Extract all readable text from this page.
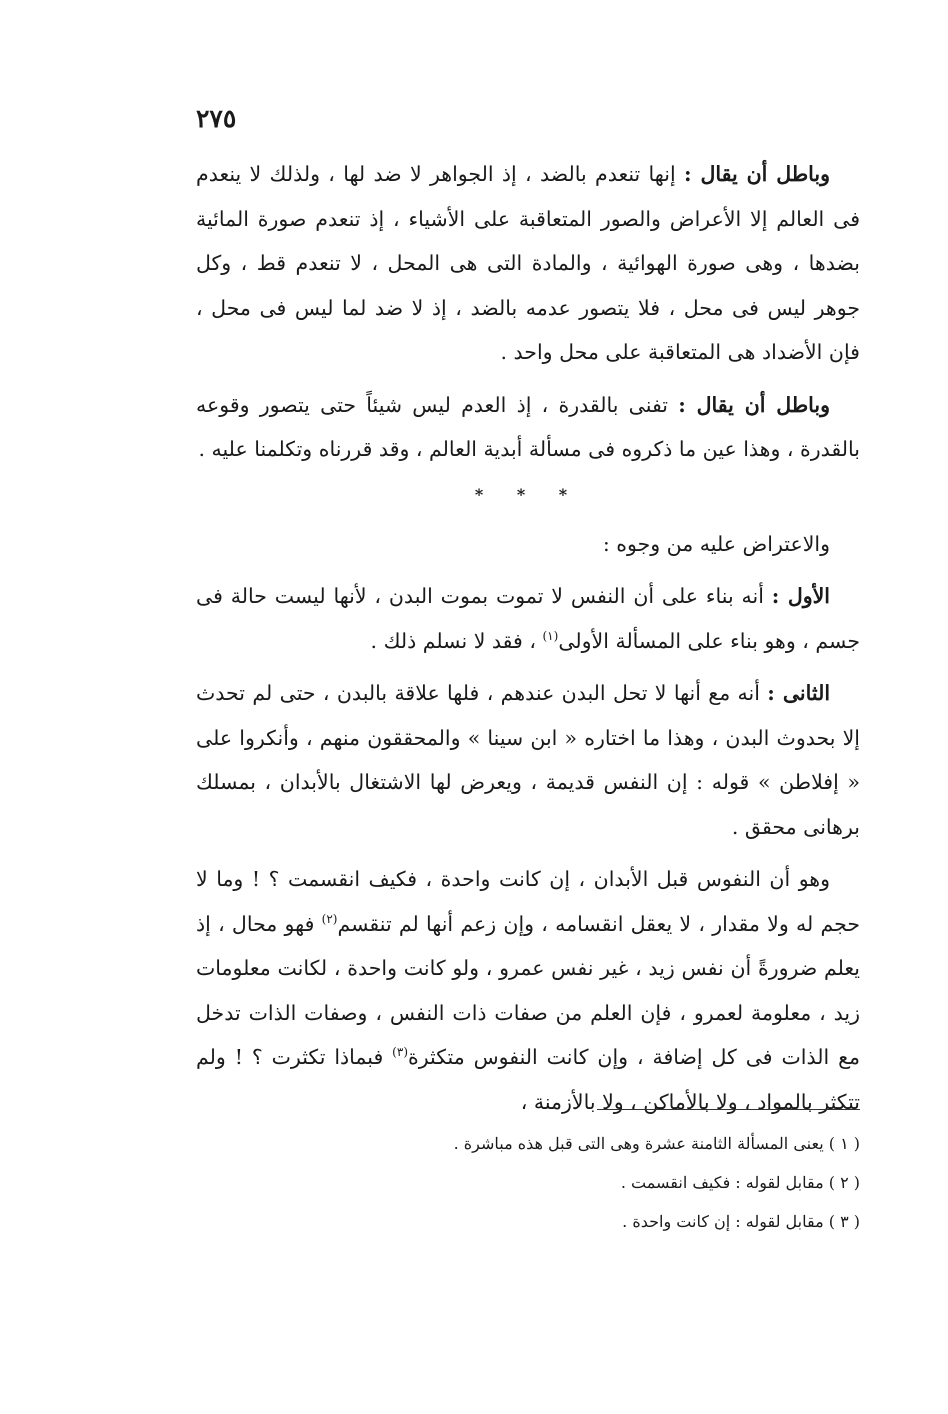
٢٧٥

وباطل أن يقال : إنها تنعدم بالضد ، إذ الجواهر لا ضد لها ، ولذلك لا ينعدم فى العالم إلا الأعراض والصور المتعاقبة على الأشياء ، إذ تنعدم صورة المائية بضدها ، وهى صورة الهوائية ، والمادة التى هى المحل ، لا تنعدم قط ، وكل جوهر ليس فى محل ، فلا يتصور عدمه بالضد ، إذ لا ضد لما ليس فى محل ، فإن الأضداد هى المتعاقبة على محل واحد .

وباطل أن يقال : تفنى بالقدرة ، إذ العدم ليس شيئاً حتى يتصور وقوعه بالقدرة ، وهذا عين ما ذكروه فى مسألة أبدية العالم ، وقد قررناه وتكلمنا عليه .

* * *

والاعتراض عليه من وجوه :

الأول : أنه بناء على أن النفس لا تموت بموت البدن ، لأنها ليست حالة فى جسم ، وهو بناء على المسألة الأولى$^{(١)}$ ، فقد لا نسلم ذلك .

الثانى : أنه مع أنها لا تحل البدن عندهم ، فلها علاقة بالبدن ، حتى لم تحدث إلا بحدوث البدن ، وهذا ما اختاره « ابن سينا » والمحققون منهم ، وأنكروا على « إفلاطن » قوله : إن النفس قديمة ، ويعرض لها الاشتغال بالأبدان ، بمسلك برهانى محقق .

وهو أن النفوس قبل الأبدان ، إن كانت واحدة ، فكيف انقسمت ؟ ! وما لا حجم له ولا مقدار ، لا يعقل انقسامه ، وإن زعم أنها لم تنقسم$^{(٢)}$ فهو محال ، إذ يعلم ضرورةً أن نفس زيد ، غير نفس عمرو ، ولو كانت واحدة ، لكانت معلومات زيد ، معلومة لعمرو ، فإن العلم من صفات ذات النفس ، وصفات الذات تدخل مع الذات فى كل إضافة ، وإن كانت النفوس متكثرة$^{(٣)}$ فبماذا تكثرت ؟ ! ولم تتكثر بالمواد ، ولا بالأماكن ، ولا بالأزمنة ،

( ١ ) يعنى المسألة الثامنة عشرة وهى التى قبل هذه مباشرة .
( ٢ ) مقابل لقوله : فكيف انقسمت .
( ٣ ) مقابل لقوله : إن كانت واحدة .
